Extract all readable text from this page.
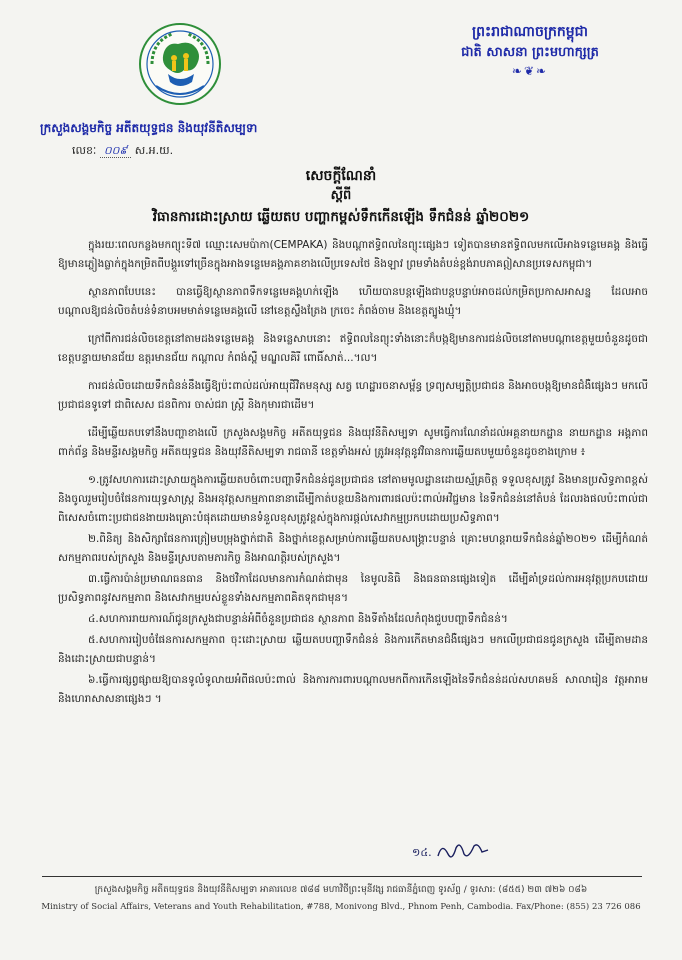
ព្រះរាជាណាចក្រកម្ពុជា
ជាតិ សាសនា ព្រះមហាក្សត្រ
❧❦❧
ក្រសួងសង្គមកិច្ច អតីតយុទ្ធជន និងយុវនីតិសម្បទា
លេខៈ ០០៩ ស.អ.យ.
សេចក្តីណែនាំ
ស្តីពី
វិធានការដោះស្រាយ ឆ្លើយតប បញ្ហាកម្ពស់ទឹកកើនឡើង ទឹកជំនន់ ឆ្នាំ២០២១

ក្នុងរយៈពេលកន្លងមកព្យុះទី៧ ឈ្មោះសេមប៉ាកា(CEMPAKA) និងបណ្តាឥទ្ធិពលនៃព្យុះផ្សេងៗ ទៀតបានមានឥទ្ធិពលមកលើអាងទន្លេមេគង្គ និងធ្វើឱ្យមានភ្លៀងធ្លាក់ក្នុងកម្រិតពីបង្គួរទៅច្រើនក្នុងអាងទន្លេមេគង្គភាគខាងលើប្រទេសថៃ និងឡាវ ព្រមទាំងតំបន់ខ្ពង់រាបភាគឦសានប្រទេសកម្ពុជា។

ស្ថានភាពបែបនេះ បានធ្វើឱ្យស្ថានភាពទឹកទន្លេមេគង្គហក់ឡើង ហើយបានបន្តឡើងជាបន្តបន្ទាប់អាចដល់កម្រិតប្រកាសអាសន្ន ដែលអាចបណ្តាលឱ្យជន់លិចតំបន់ទំនាបអមមាត់ទន្លេមេគង្គលើ នៅខេត្តស្ទឹងត្រែង ក្រចេះ កំពង់ចាម និងខេត្តត្បូងឃ្មុំ។

ក្រៅពីការជន់លិចខេត្តនៅតាមដងទន្លេមេគង្គ និងទន្លេសាបនោះ ឥទ្ធិពលនៃព្យុះទាំងនោះក៏បង្កឱ្យមានការជន់លិចនៅតាមបណ្តាខេត្តមួយចំនួនដូចជាខេត្តបន្ទាយមានជ័យ ឧត្តរមានជ័យ កណ្តាល កំពង់ស្ពឺ មណ្ឌលគិរី ពោធិ៍សាត់...។ល។

ការជន់លិចដោយទឹកជំនន់នឹងធ្វើឱ្យប៉ះពាល់ដល់អាយុជីវិតមនុស្ស សត្វ ហេដ្ឋារចនាសម្ព័ន្ធ ទ្រព្យសម្បត្តិប្រជាជន និងអាចបង្កឱ្យមានជំងឺផ្សេងៗ មកលើប្រជាជនទូទៅ ជាពិសេស ជនពិការ ចាស់ជរា ស្ត្រី និងកុមារជាដើម។

ដើម្បីឆ្លើយតបទៅនឹងបញ្ហាខាងលើ ក្រសួងសង្គមកិច្ច អតីតយុទ្ធជន និងយុវនីតិសម្បទា សូមធ្វើការណែនាំដល់អគ្គនាយកដ្ឋាន នាយកដ្ឋាន អង្គភាពពាក់ព័ន្ធ និងមន្ទីរសង្គមកិច្ច អតីតយុទ្ធជន និងយុវនីតិសម្បទា រាជធានី ខេត្តទាំងអស់ ត្រូវអនុវត្តនូវវិធានការឆ្លើយតបមួយចំនួនដូចខាងក្រោម ៖

១.ត្រូវសហការដោះស្រាយក្នុងការឆ្លើយតបចំពោះបញ្ហាទឹកជំនន់ជូនប្រជាជន នៅតាមមូលដ្ឋានដោយស្ម័គ្រចិត្ត ទទួលខុសត្រូវ និងមានប្រសិទ្ធភាពខ្ពស់ និងចូលរួមរៀបចំផែនការយុទ្ធសាស្ត្រ និងអនុវត្តសកម្មភាពនានាដើម្បីកាត់បន្ថយនិងការពារផលប៉ះពាល់អវិជ្ជមាន នៃទឹកជំនន់នៅតំបន់ ដែលរងផលប៉ះពាល់ជាពិសេសចំពោះប្រជាជនងាយរងគ្រោះបំផុតដោយមានទំនួលខុសត្រូវខ្ពស់ក្នុងការផ្តល់សេវាកម្មប្រកបដោយប្រសិទ្ធភាព។

២.ពិនិត្យ និងសិក្សាផែនការត្រៀមបម្រុងថ្នាក់ជាតិ និងថ្នាក់ខេត្តសម្រាប់ការឆ្លើយតបសង្គ្រោះបន្ទាន់ គ្រោះមហន្តរាយទឹកជំនន់ឆ្នាំ២០២១ ដើម្បីកំណត់សកម្មភាពរបស់ក្រសួង និងមន្ទីរស្របតាមភារកិច្ច និងអាណត្តិរបស់ក្រសួង។

៣.ធ្វើការប៉ាន់ប្រមាណធនធាន និងថវិកាដែលមានការកំណត់ជាមុន នៃមូលនិធិ និងធនធានផ្សេងទៀត ដើម្បីគាំទ្រដល់ការអនុវត្តប្រកបដោយប្រសិទ្ធភាពនូវសកម្មភាព និងសេវាកម្មរបស់ខ្លួនទាំងសកម្មភាពគិតទុកជាមុន។

៤.សហការរាយការណ៍ជូនក្រសួងជាបន្ទាន់អំពីចំនួនប្រជាជន ស្ថានភាព និងទីតាំងដែលកំពុងជួបបញ្ហាទឹកជំនន់។

៥.សហការរៀបចំផែនការសកម្មភាព ចុះដោះស្រាយ ឆ្លើយតបបញ្ហាទឹកជំនន់ និងការកើតមានជំងឺផ្សេងៗ មកលើប្រជាជនជូនក្រសួង ដើម្បីតាមដាន និងដោះស្រាយជាបន្ទាន់។

៦.ធ្វើការផ្សព្វផ្សាយឱ្យបានទូលំទូលាយអំពីផលប៉ះពាល់ និងការការពារបណ្តាលមកពីការកើនឡើងនៃទឹកជំនន់ដល់សហគមន៍ សាលារៀន វត្តអារាម និងហេរាសាសនាផ្សេងៗ ។

១៤.
ក្រសួងសង្គមកិច្ច អតីតយុទ្ធជន និងយុវនីតិសម្បទា អាគារលេខ ៧៨៨ មហាវិថីព្រះមុនីវង្ស រាជធានីភ្នំពេញ ទូរស័ព្ទ / ទូរសារ: (៨៥៥) ២៣ ៧២៦ ០៨៦
Ministry of Social Affairs, Veterans and Youth Rehabilitation, #788, Monivong Blvd., Phnom Penh, Cambodia. Fax/Phone: (855) 23 726 086
